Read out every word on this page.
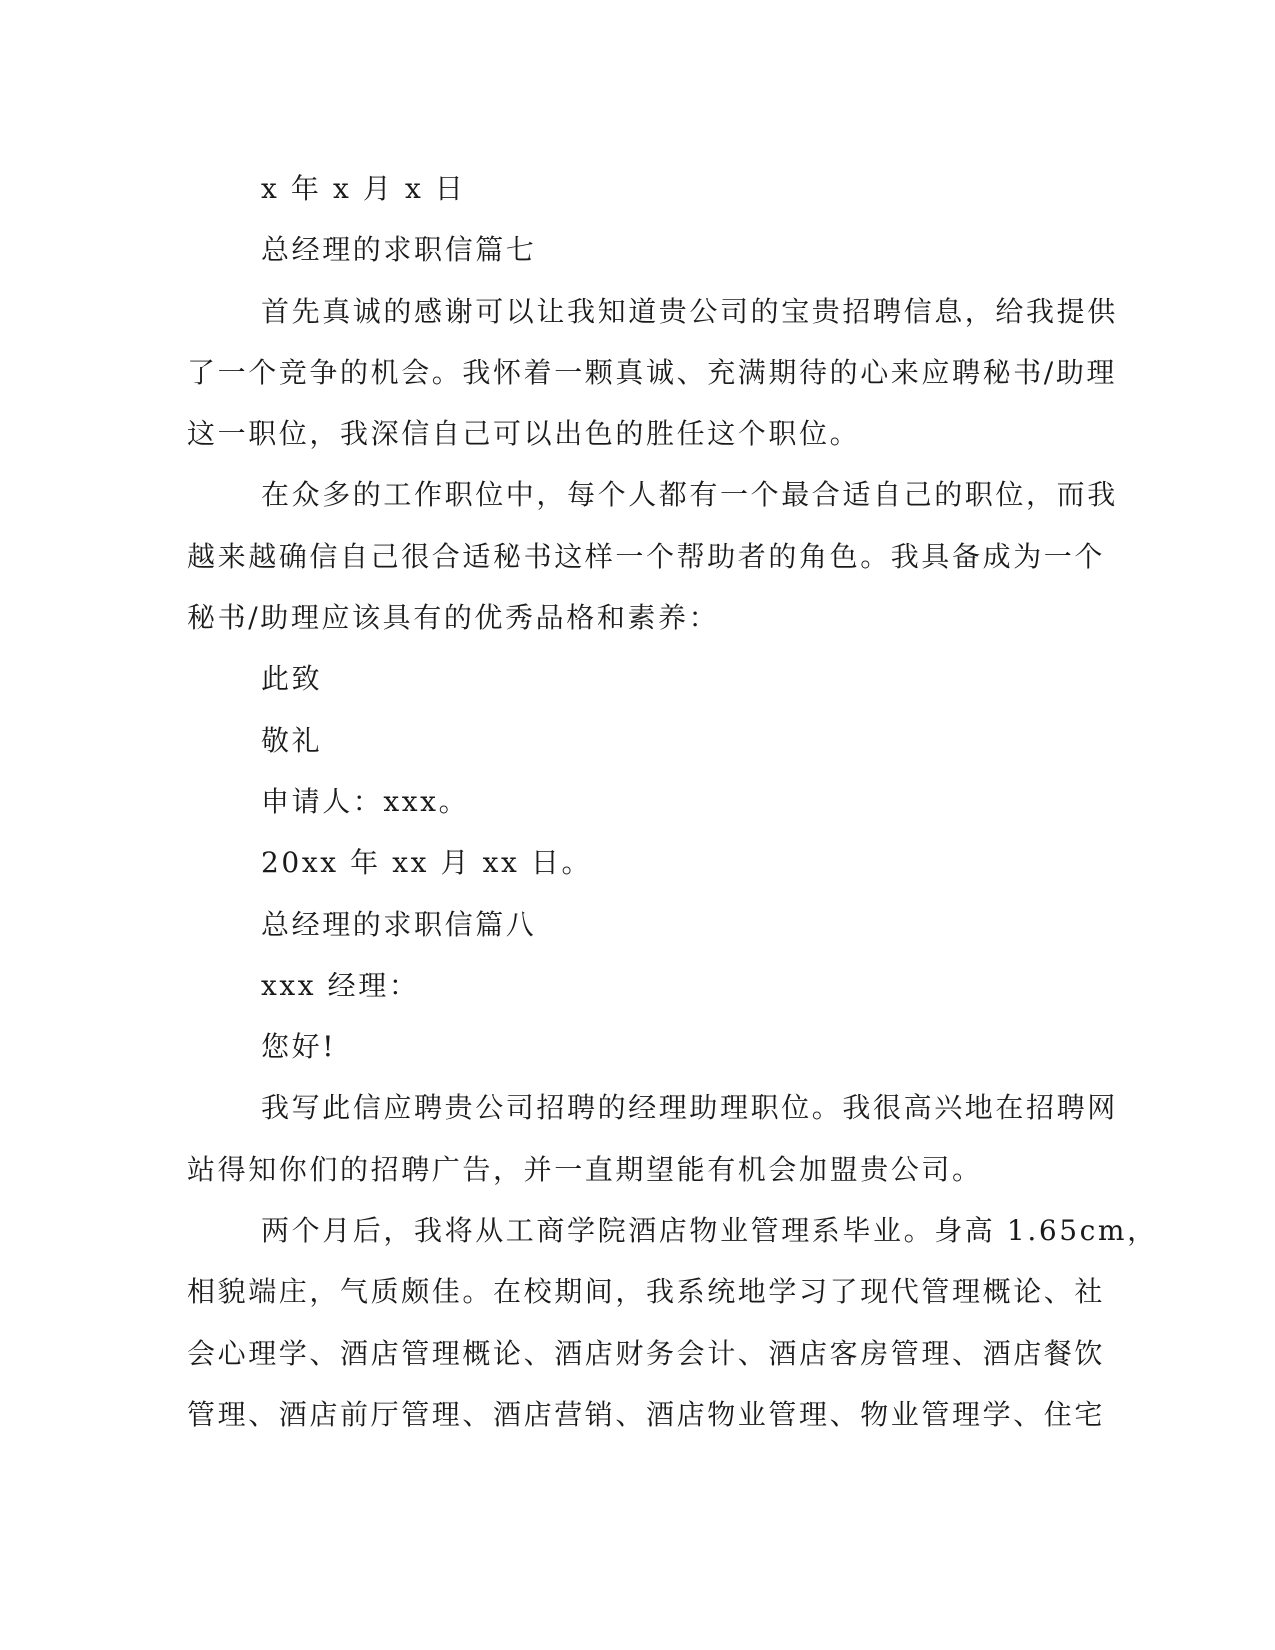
x 年 x 月 x 日
总经理的求职信篇七
首先真诚的感谢可以让我知道贵公司的宝贵招聘信息，给我提供
了一个竞争的机会。我怀着一颗真诚、充满期待的心来应聘秘书/助理
这一职位，我深信自己可以出色的胜任这个职位。
在众多的工作职位中，每个人都有一个最合适自己的职位，而我
越来越确信自己很合适秘书这样一个帮助者的角色。我具备成为一个
秘书/助理应该具有的优秀品格和素养：
此致
敬礼
申请人：xxx。
20xx 年 xx 月 xx 日。
总经理的求职信篇八
xxx 经理：
您好!
我写此信应聘贵公司招聘的经理助理职位。我很高兴地在招聘网
站得知你们的招聘广告，并一直期望能有机会加盟贵公司。
两个月后，我将从工商学院酒店物业管理系毕业。身高 1.65cm，
相貌端庄，气质颇佳。在校期间，我系统地学习了现代管理概论、社
会心理学、酒店管理概论、酒店财务会计、酒店客房管理、酒店餐饮
管理、酒店前厅管理、酒店营销、酒店物业管理、物业管理学、住宅
